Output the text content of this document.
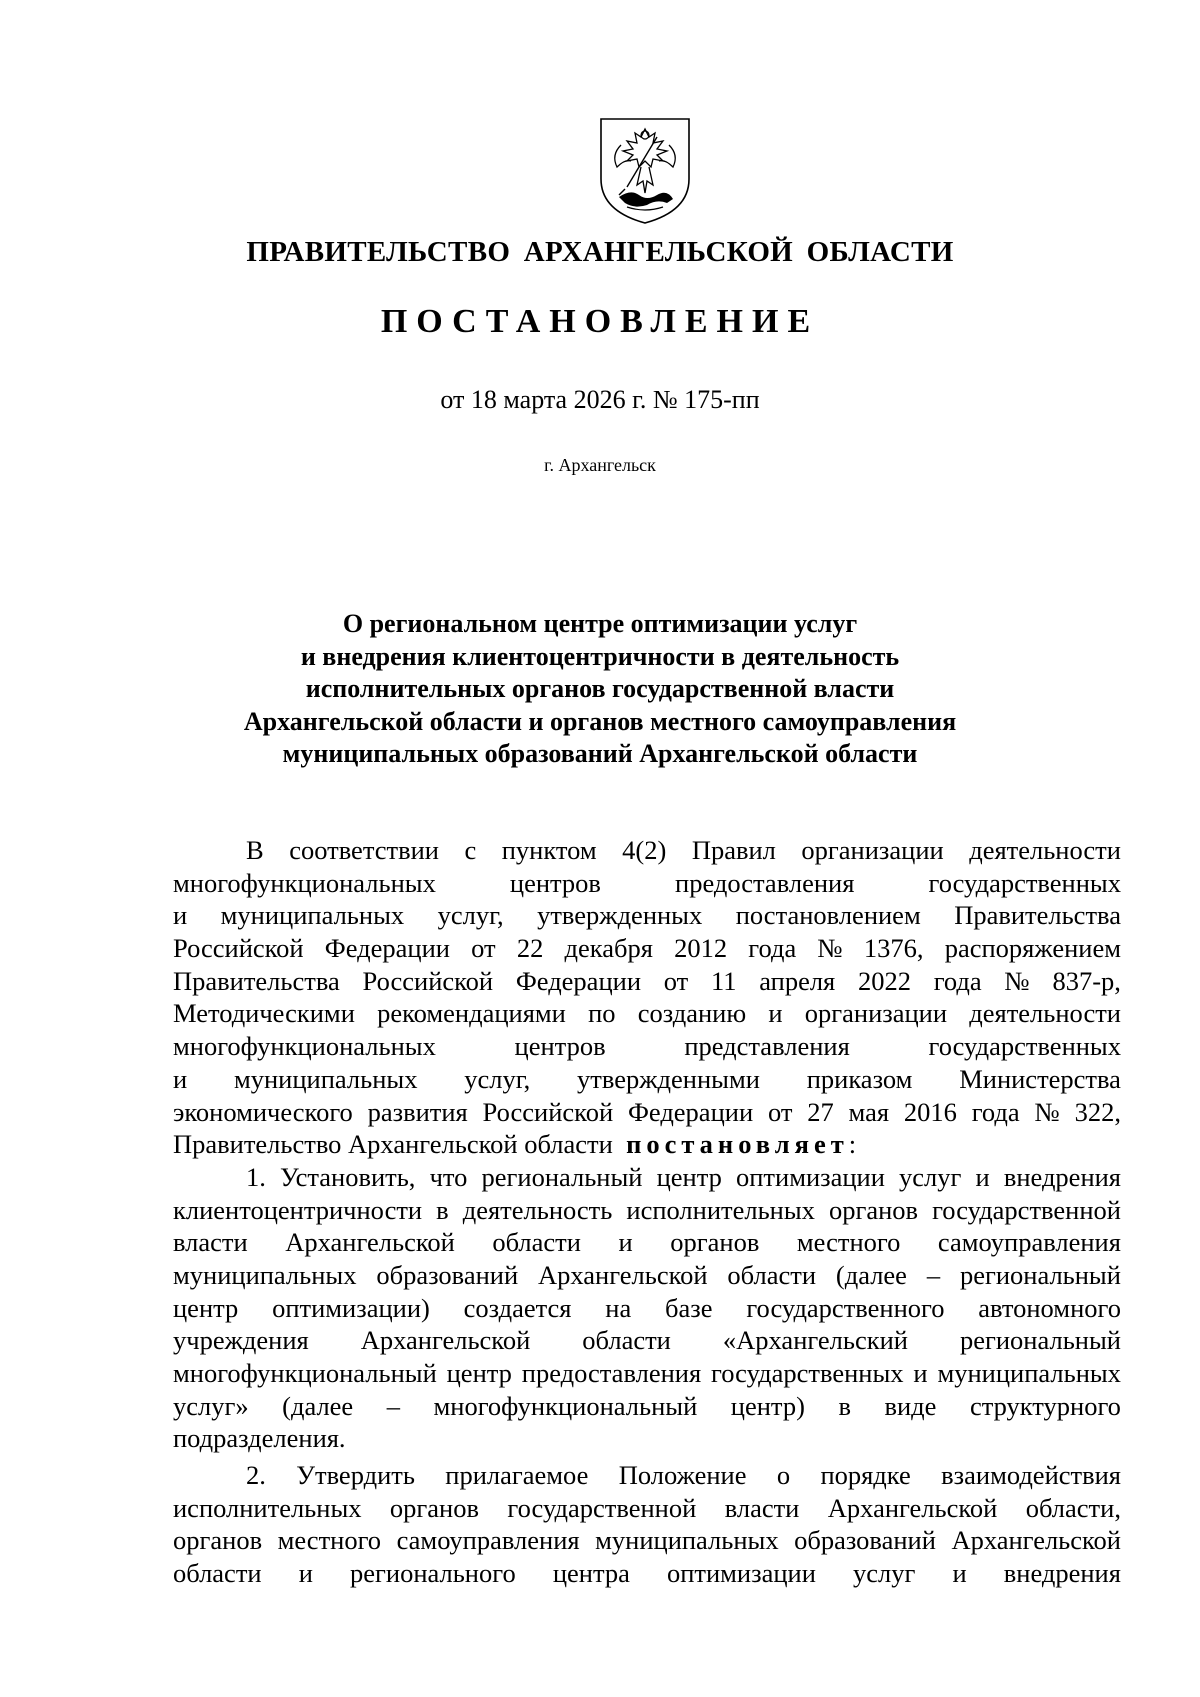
ПРАВИТЕЛЬСТВО АРХАНГЕЛЬСКОЙ ОБЛАСТИ
ПОСТАНОВЛЕНИЕ
от 18 марта 2026 г. № 175-пп
г. Архангельск
О региональном центре оптимизации услуг
и внедрения клиентоцентричности в деятельность
исполнительных органов государственной власти
Архангельской области и органов местного самоуправления
муниципальных образований Архангельской области
В соответствии с пунктом 4(2) Правил организации деятельности
многофункциональных	центров	предоставления	государственных
и муниципальных услуг, утвержденных постановлением Правительства
Российской Федерации от 22 декабря 2012 года № 1376, распоряжением
Правительства Российской Федерации от 11 апреля 2022 года № 837-р,
Методическими рекомендациями по созданию и организации деятельности
многофункциональных	центров	представления	государственных
и муниципальных услуг, утвержденными приказом Министерства
экономического развития Российской Федерации от 27 мая 2016 года № 322,
Правительство Архангельской области постановляет:
1. Установить, что региональный центр оптимизации услуг и внедрения
клиентоцентричности в деятельность исполнительных органов государственной
власти Архангельской области и органов местного самоуправления
муниципальных образований Архангельской области (далее – региональный
центр оптимизации) создается на базе государственного автономного
учреждения Архангельской области «Архангельский региональный
многофункциональный центр предоставления государственных и муниципальных
услуг» (далее – многофункциональный центр) в виде структурного
подразделения.
2. Утвердить прилагаемое Положение о порядке взаимодействия
исполнительных органов государственной власти Архангельской области,
органов местного самоуправления муниципальных образований Архангельской
области и регионального центра оптимизации услуг и внедрения
